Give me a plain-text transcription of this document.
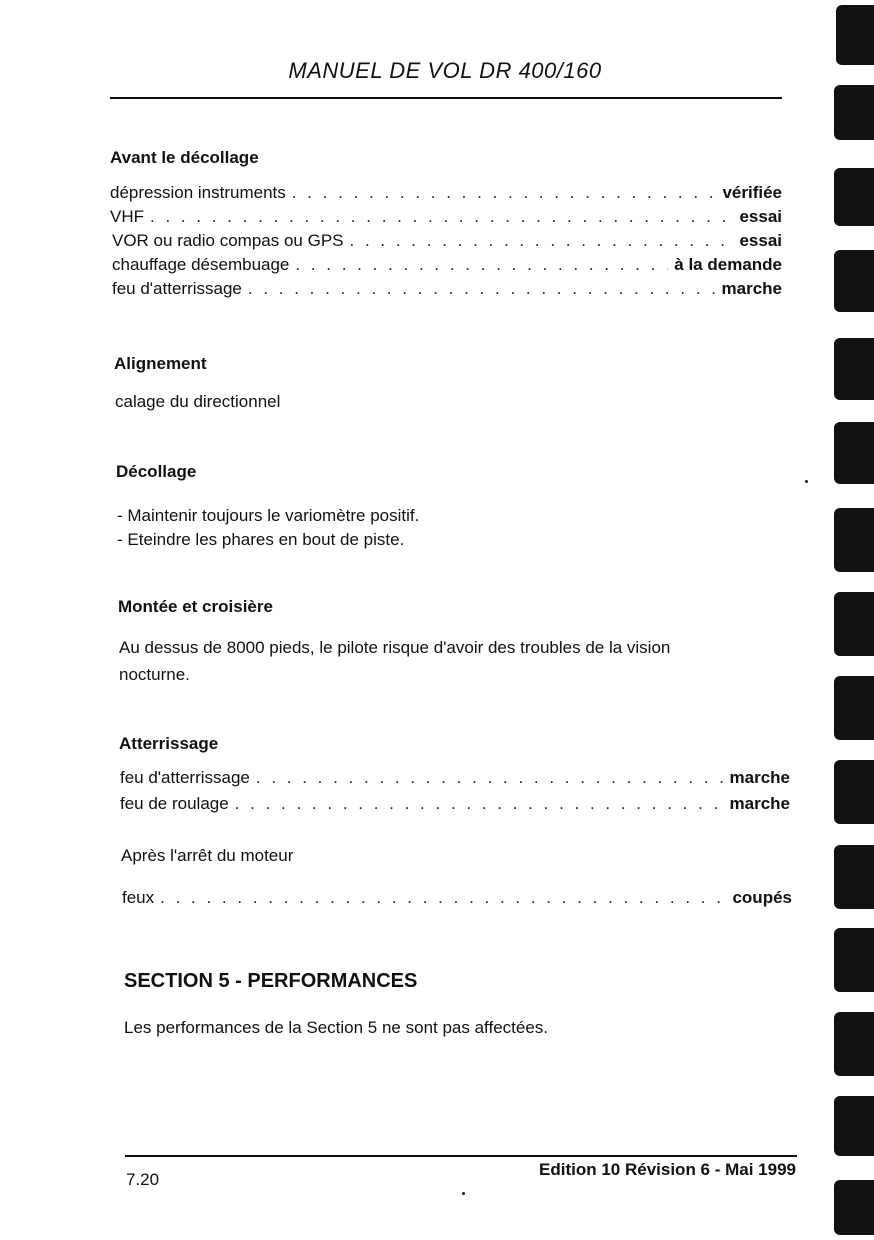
MANUEL DE VOL DR 400/160
Avant le décollage
dépression instruments . . .	vérifiée
VHF . . .	essai
VOR ou radio compas ou GPS . . .	essai
chauffage désembuage . . .	à la demande
feu d'atterrissage . . .	marche
Alignement
calage du directionnel
Décollage
- Maintenir toujours le variomètre positif.
- Eteindre les phares en bout de piste.
Montée et croisière
Au dessus de 8000 pieds, le pilote risque d'avoir des troubles de la vision
nocturne.
Atterrissage
feu d'atterrissage . . .	marche
feu de roulage . . .	marche
Après l'arrêt du moteur
feux . . .	coupés
SECTION 5 - PERFORMANCES
Les performances de la Section 5 ne sont pas affectées.
7.20
Edition 10 Révision 6 - Mai 1999
